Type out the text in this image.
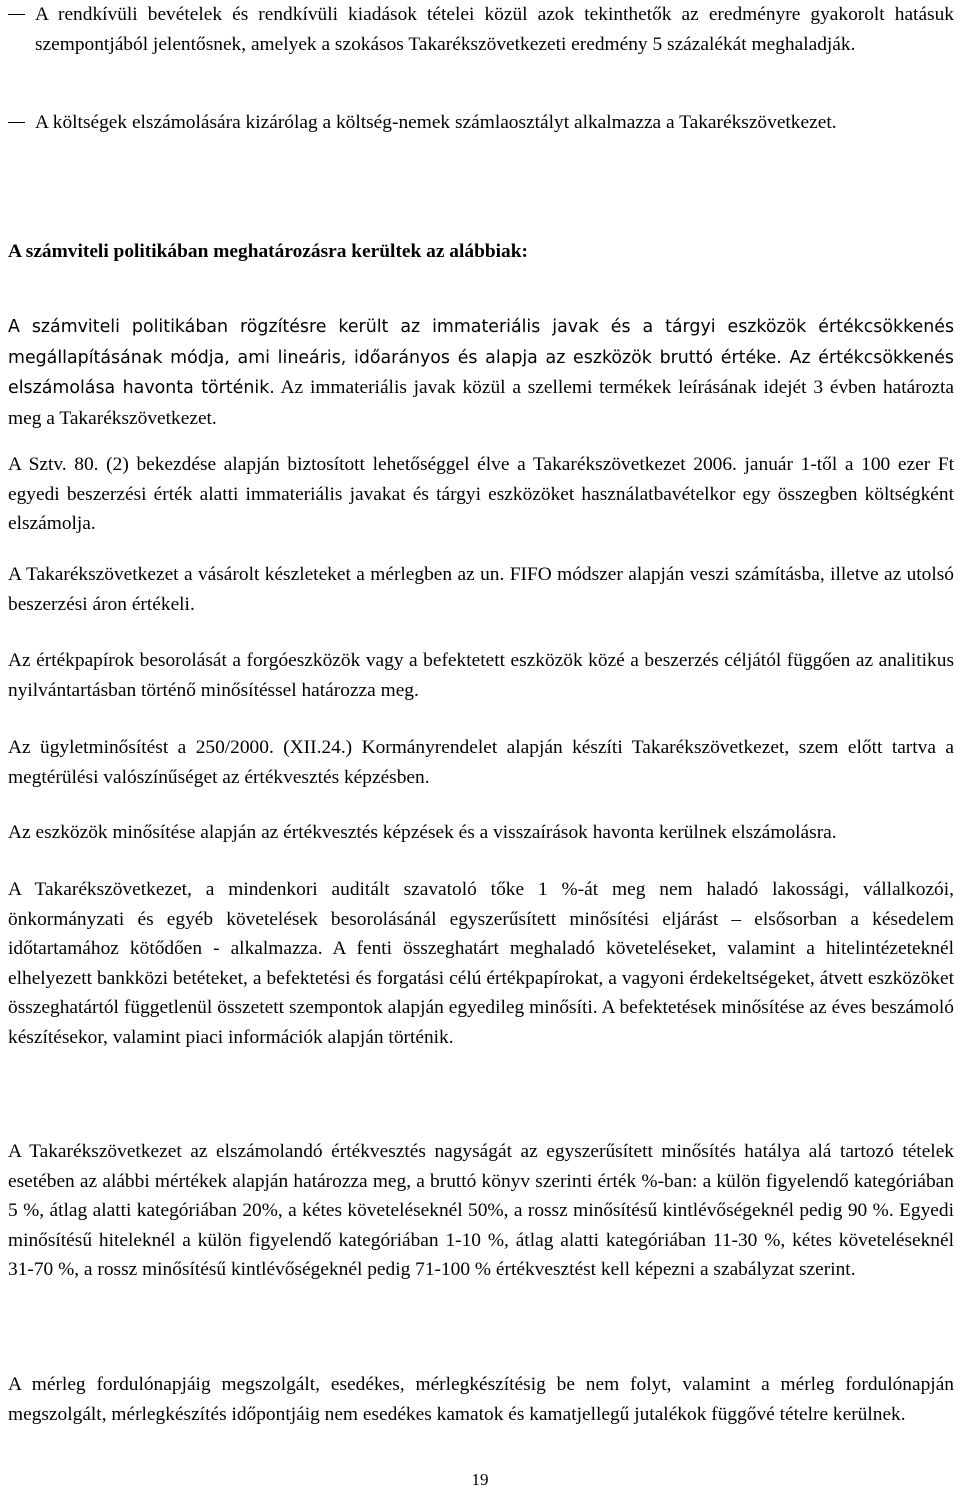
A rendkívüli bevételek és rendkívüli kiadások tételei közül azok tekinthetők az eredményre gyakorolt hatásuk szempontjából jelentősnek, amelyek a szokásos Takarékszövetkezeti eredmény 5 százalékát meghaladják.
A költségek elszámolására kizárólag a költség-nemek számlaosztályt alkalmazza a Takarékszövetkezet.

A számviteli politikában meghatározásra kerültek az alábbiak:

A számviteli politikában rögzítésre került az immateriális javak és a tárgyi eszközök értékcsökkenés megállapításának módja, ami lineáris, időarányos és alapja az eszközök bruttó értéke. Az értékcsökkenés elszámolása havonta történik. Az immateriális javak közül a szellemi termékek leírásának idejét 3 évben határozta meg a Takarékszövetkezet.

A Sztv. 80. (2) bekezdése alapján biztosított lehetőséggel élve a Takarékszövetkezet 2006. január 1-től a 100 ezer Ft egyedi beszerzési érték alatti immateriális javakat és tárgyi eszközöket használatbavételkor egy összegben költségként elszámolja.

A Takarékszövetkezet a vásárolt készleteket a mérlegben az un. FIFO módszer alapján veszi számításba, illetve az utolsó beszerzési áron értékeli.

Az értékpapírok besorolását a forgóeszközök vagy a befektetett eszközök közé a beszerzés céljától függően az analitikus nyilvántartásban történő minősítéssel határozza meg.

Az ügyletminősítést a 250/2000. (XII.24.) Kormányrendelet alapján készíti Takarékszövetkezet, szem előtt tartva a megtérülési valószínűséget az értékvesztés képzésben.

Az eszközök minősítése alapján az értékvesztés képzések és a visszaírások havonta kerülnek elszámolásra.

A Takarékszövetkezet, a mindenkori auditált szavatoló tőke 1 %-át meg nem haladó lakossági, vállalkozói, önkormányzati és egyéb követelések besorolásánál egyszerűsített minősítési eljárást – elsősorban a késedelem időtartamához kötődően - alkalmazza. A fenti összeghatárt meghaladó követeléseket, valamint a hitelintézeteknél elhelyezett bankközi betéteket, a befektetési és forgatási célú értékpapírokat, a vagyoni érdekeltségeket, átvett eszközöket összeghatártól függetlenül összetett szempontok alapján egyedileg minősíti. A befektetések minősítése az éves beszámoló készítésekor, valamint piaci információk alapján történik.

A Takarékszövetkezet az elszámolandó értékvesztés nagyságát az egyszerűsített minősítés hatálya alá tartozó tételek esetében az alábbi mértékek alapján határozza meg, a bruttó könyv szerinti érték %-ban: a külön figyelendő kategóriában 5 %, átlag alatti kategóriában 20%, a kétes követeléseknél 50%, a rossz minősítésű kintlévőségeknél pedig 90 %. Egyedi minősítésű hiteleknél a külön figyelendő kategóriában 1-10 %, átlag alatti kategóriában 11-30 %, kétes követeléseknél 31-70 %, a rossz minősítésű kintlévőségeknél pedig 71-100 % értékvesztést kell képezni a szabályzat szerint.

A mérleg fordulónapjáig megszolgált, esedékes, mérlegkészítésig be nem folyt, valamint a mérleg fordulónapján megszolgált, mérlegkészítés időpontjáig nem esedékes kamatok és kamatjellegű jutalékok függővé tételre kerülnek.

19
